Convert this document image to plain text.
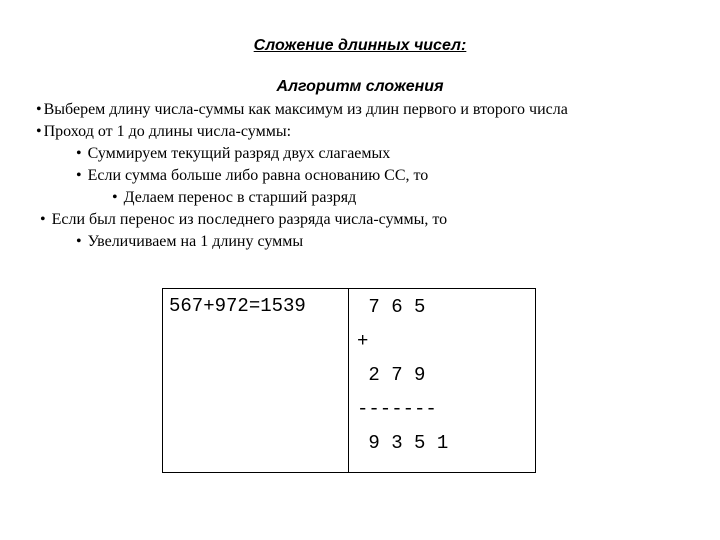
Сложение длинных чисел:
Алгоритм сложения
• Выберем длину числа-суммы как максимум из длин первого и второго числа
• Проход от 1 до длины числа-суммы:
• Суммируем текущий разряд двух слагаемых
• Если сумма больше либо равна основанию СС, то
• Делаем перенос в старший разряд
• Если был перенос из последнего разряда числа-суммы, то
• Увеличиваем на 1 длину суммы
567+972=1539	7 6 5
+
2 7 9
-------
9 3 5 1
